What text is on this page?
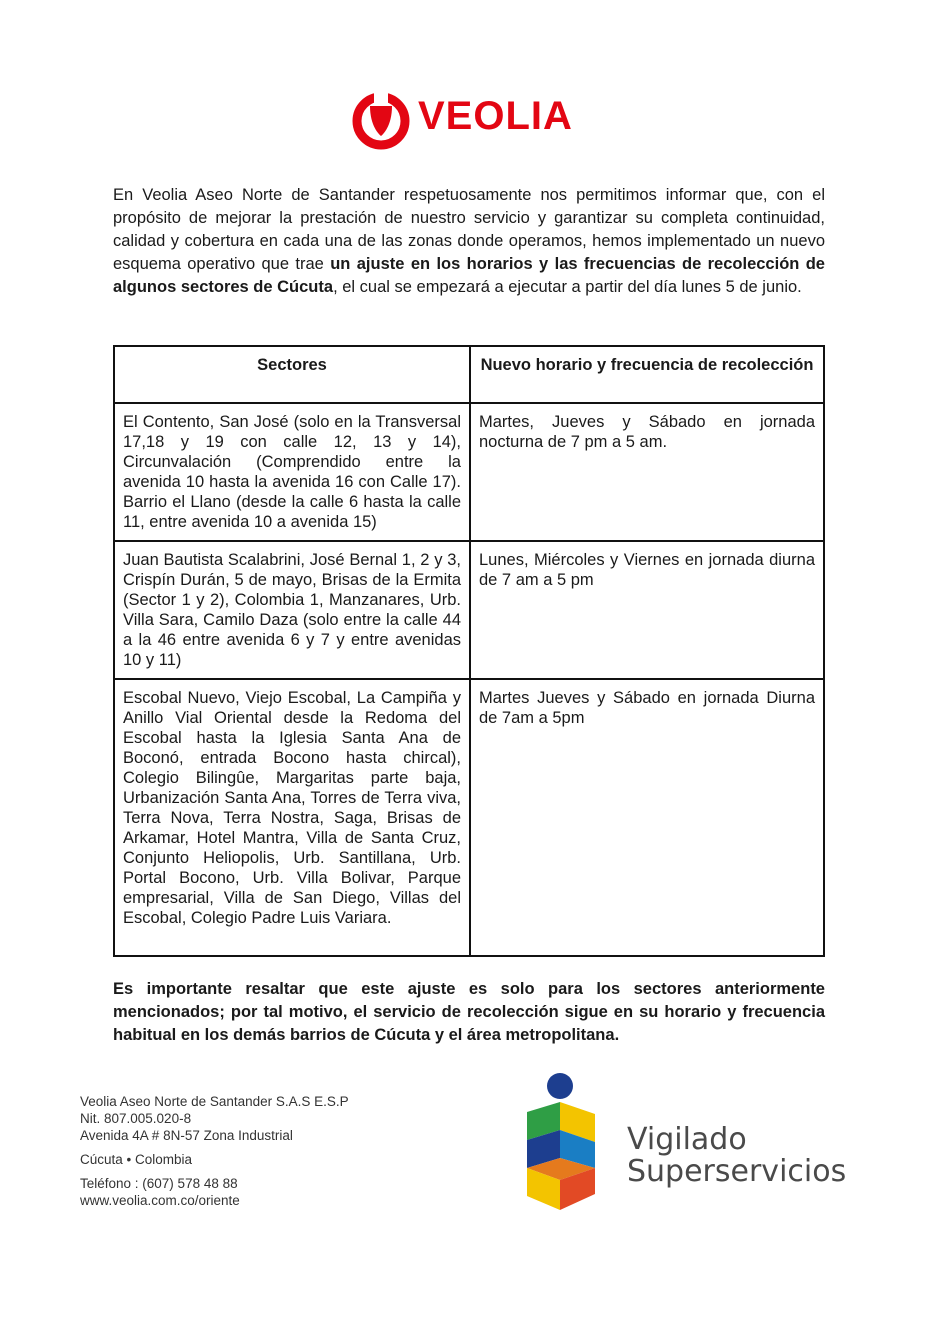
VEOLIA

En Veolia Aseo Norte de Santander respetuosamente nos permitimos informar que, con el propósito de mejorar la prestación de nuestro servicio y garantizar su completa continuidad, calidad y cobertura en cada una de las zonas donde operamos, hemos implementado un nuevo esquema operativo que trae un ajuste en los horarios y las frecuencias de recolección de algunos sectores de Cúcuta, el cual se empezará a ejecutar a partir del día lunes 5 de junio.

Sectores	Nuevo horario y frecuencia de recolección
El Contento, San José (solo en la Transversal 17,18 y 19 con calle 12, 13 y 14), Circunvalación (Comprendido entre la avenida 10 hasta la avenida 16 con Calle 17). Barrio el Llano (desde la calle 6 hasta la calle 11, entre avenida 10 a avenida 15)	Martes, Jueves y Sábado en jornada nocturna de 7 pm a 5 am.
Juan Bautista Scalabrini, José Bernal 1, 2 y 3, Crispín Durán, 5 de mayo, Brisas de la Ermita (Sector 1 y 2), Colombia 1, Manzanares, Urb. Villa Sara, Camilo Daza (solo entre la calle 44 a la 46 entre avenida 6 y 7 y entre avenidas 10 y 11)	Lunes, Miércoles y Viernes en jornada diurna de 7 am a 5 pm
Escobal Nuevo, Viejo Escobal, La Campiña y Anillo Vial Oriental desde la Redoma del Escobal hasta la Iglesia Santa Ana de Boconó, entrada Bocono hasta chircal), Colegio Bilingûe, Margaritas parte baja, Urbanización Santa Ana, Torres de Terra viva, Terra Nova, Terra Nostra, Saga, Brisas de Arkamar, Hotel Mantra, Villa de Santa Cruz, Conjunto Heliopolis, Urb. Santillana, Urb. Portal Bocono, Urb. Villa Bolivar, Parque empresarial, Villa de San Diego, Villas del Escobal, Colegio Padre Luis Variara.	Martes Jueves y Sábado en jornada Diurna de 7am a 5pm

Es importante resaltar que este ajuste es solo para los sectores anteriormente mencionados; por tal motivo, el servicio de recolección sigue en su horario y frecuencia habitual en los demás barrios de Cúcuta y el área metropolitana.

Veolia Aseo Norte de Santander S.A.S E.S.P
Nit. 807.005.020-8
Avenida 4A # 8N-57 Zona Industrial
Cúcuta • Colombia
Teléfono : (607) 578 48 88
www.veolia.com.co/oriente
Vigilado
Superservicios
